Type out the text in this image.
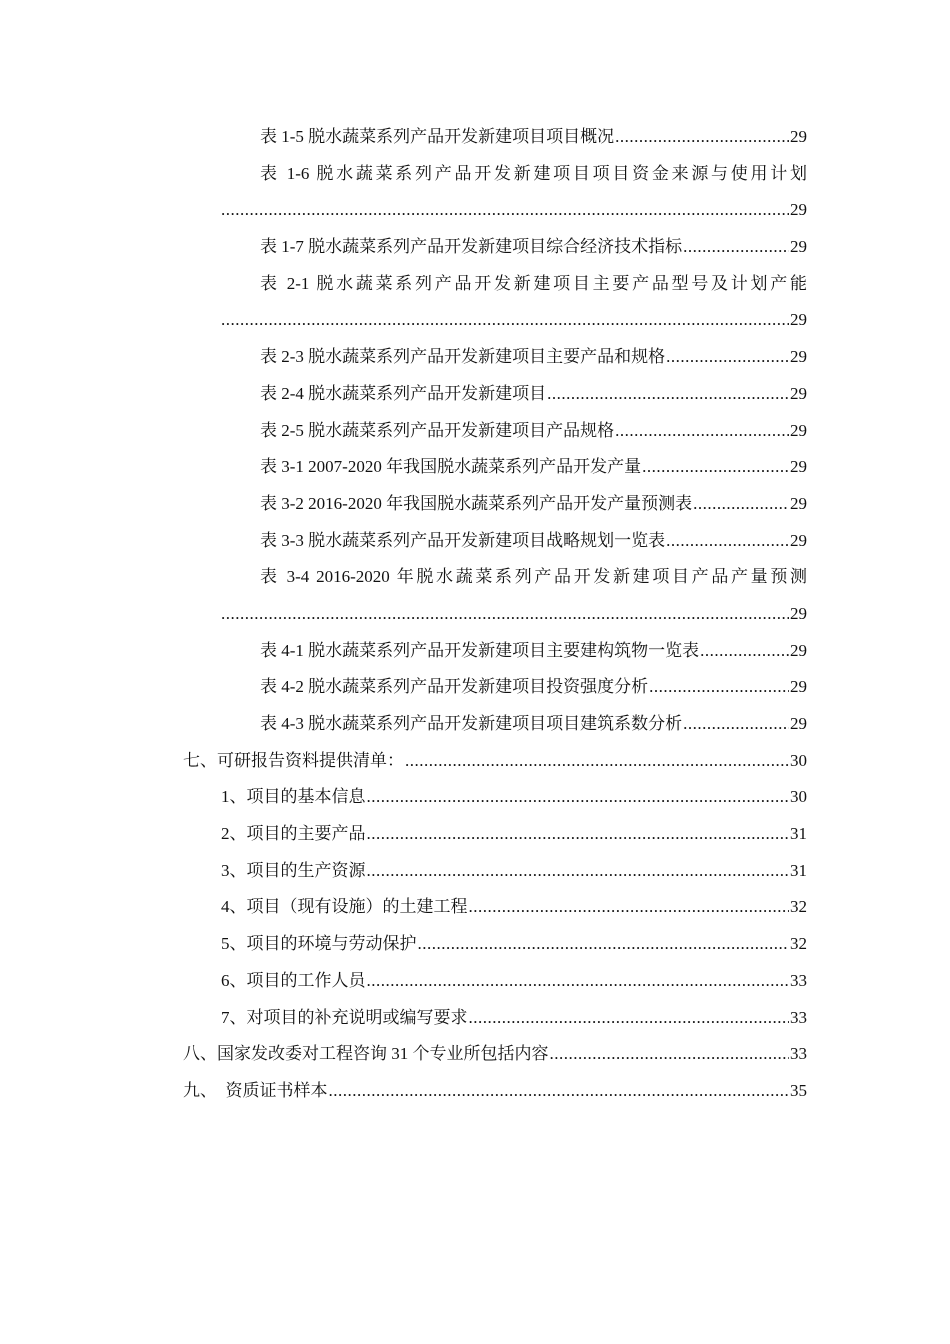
表 1-5 脱水蔬菜系列产品开发新建项目项目概况 .....	29
表 1-6 脱水蔬菜系列产品开发新建项目项目资金来源与使用计划
.....
29
表 1-7 脱水蔬菜系列产品开发新建项目综合经济技术指标 .....	29
表 2-1 脱水蔬菜系列产品开发新建项目主要产品型号及计划产能
.....
29
表 2-3 脱水蔬菜系列产品开发新建项目主要产品和规格 .....	29
表 2-4 脱水蔬菜系列产品开发新建项目 .....	29
表 2-5 脱水蔬菜系列产品开发新建项目产品规格 .....	29
表 3-1 2007-2020 年我国脱水蔬菜系列产品开发产量 .....	29
表 3-2 2016-2020 年我国脱水蔬菜系列产品开发产量预测表 .....	29
表 3-3 脱水蔬菜系列产品开发新建项目战略规划一览表 .....	29
表 3-4 2016-2020 年脱水蔬菜系列产品开发新建项目产品产量预测
.....
29
表 4-1 脱水蔬菜系列产品开发新建项目主要建构筑物一览表 .....	29
表 4-2 脱水蔬菜系列产品开发新建项目投资强度分析 .....	29
表 4-3 脱水蔬菜系列产品开发新建项目项目建筑系数分析 .....	29
七、可研报告资料提供清单： .....	30
1、项目的基本信息 .....	30
2、项目的主要产品 .....	31
3、项目的生产资源 .....	31
4、项目（现有设施）的土建工程 .....	32
5、项目的环境与劳动保护 .....	32
6、项目的工作人员 .....	33
7、对项目的补充说明或编写要求 .....	33
八、国家发改委对工程咨询 31 个专业所包括内容 .....	33
九、  资质证书样本 .....	35
